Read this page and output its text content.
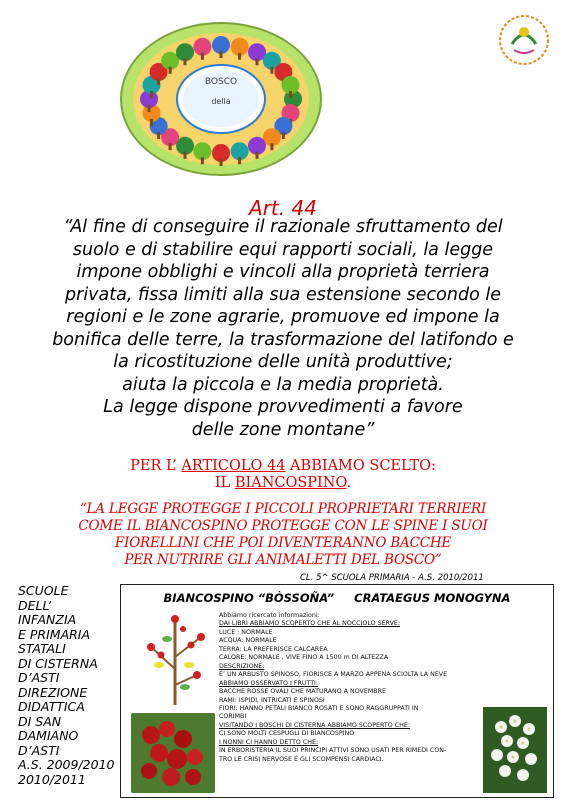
BOSCO
della
Art. 44
“Al fine di conseguire il razionale sfruttamento del
suolo e di stabilire equi rapporti sociali, la legge
impone obblighi e vincoli alla proprietà terriera
privata, fissa limiti alla sua estensione secondo le
regioni e le zone agrarie, promuove ed impone la
bonifica delle terre, la trasformazione del latifondo e
la ricostituzione delle unità produttive;
aiuta la piccola e la media proprietà.
La legge dispone provvedimenti a favore
delle zone montane”
PER L’ ARTICOLO 44 ABBIAMO SCELTO:
IL BIANCOSPINO.
“LA LEGGE PROTEGGE I PICCOLI PROPRIETARI TERRIERI
COME IL BIANCOSPINO PROTEGGE CON LE SPINE I SUOI
FIORELLINI CHE POI DIVENTERANNO BACCHE
PER NUTRIRE GLI ANIMALETTI DEL BOSCO”
CL. 5^ SCUOLA PRIMARIA - A.S. 2010/2011
SCUOLE
DELL’
INFANZIA
E PRIMARIA
STATALI
DI CISTERNA
D’ASTI
DIREZIONE
DIDATTICA
DI SAN
DAMIANO
D’ASTI
A.S. 2009/2010
2010/2011
BIANCOSPINO “BÒSSOÑA” CRATAEGUS MONOGYNA
Abbiamo ricercato informazioni:
DAI LIBRI ABBIAMO SCOPERTO CHE AL NOCCIOLO SERVE:
LUCE : NORMALE
ACQUA: NORMALE
TERRA: LA PREFERISCE CALCAREA
CALORE: NORMALE , VIVE FINO A 1500 m DI ALTEZZA
DESCRIZIONE:
E’ UN ARBUSTO SPINOSO, FIORISCE A MARZO APPENA SCIOLTA LA NEVE
ABBIAMO OSSERVATO I FRUTTI:
BACCHE ROSSE OVALI CHE MATURANO A NOVEMBRE
RAMI: ISPIDI, INTRICATI E SPINOSI
FIORI: HANNO PETALI BIANCO ROSATI E SONO RAGGRUPPATI IN
CORIMBI
VISITANDO I BOSCHI DI CISTERNA ABBIAMO SCOPERTO CHE:
CI SONO MOLTI CESPUGLI DI BIANCOSPINO
I NONNI CI HANNO DETTO CHE:
IN ERBORISTERIA IL SUOI PRINCIPI ATTIVI SONO USATI PER RIMEDI CON-
TRO LE CRISI NERVOSE E GLI SCOMPENSI CARDIACI.
